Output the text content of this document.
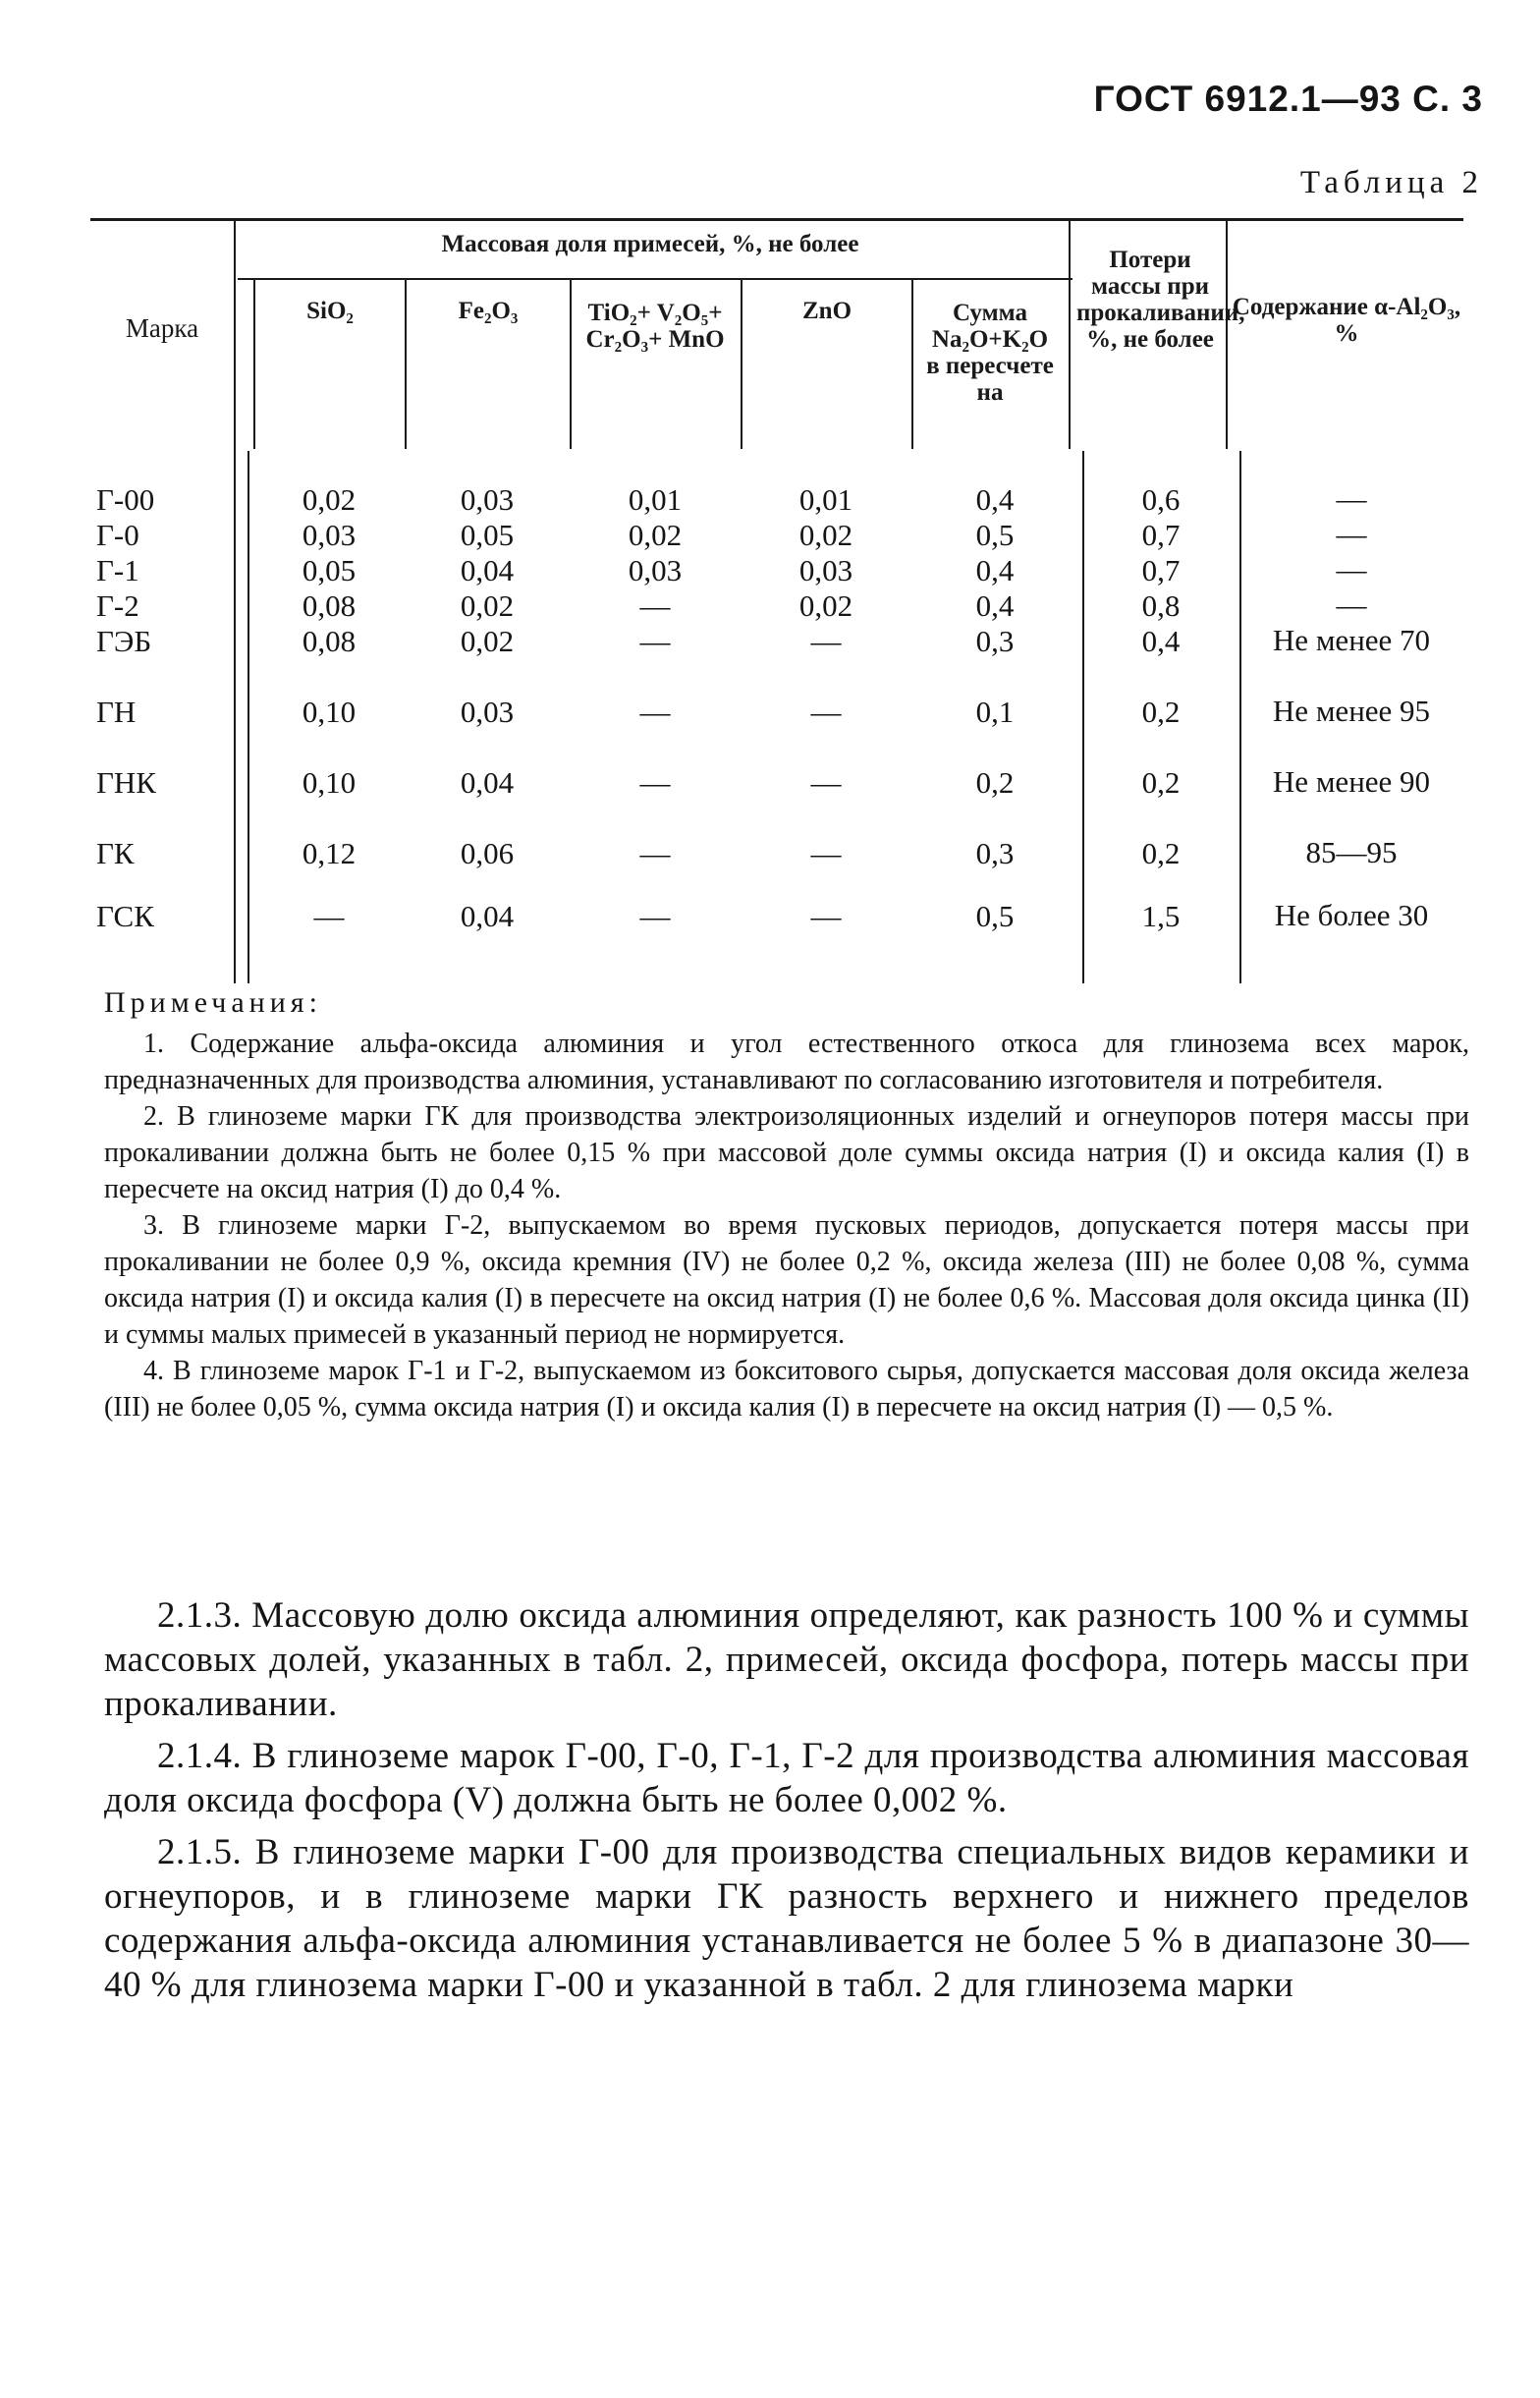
ГОСТ 6912.1—93 С. 3
Таблица 2
Марка
Массовая доля примесей, %, не более
SiO₂	Fe₂O₃	TiO₂+ V₂O₅+ Cr₂O₃+ MnO
ZnO	Сумма Na₂O+K₂O в пересчете на
Потери массы при прокаливании, %, не более
Содержание α-Al₂O₃, %
Г-00	0,02	0,03	0,01	0,01	0,4	0,6	—
Г-0	0,03	0,05	0,02	0,02	0,5	0,7	—
Г-1	0,05	0,04	0,03	0,03	0,4	0,7	—
Г-2	0,08	0,02	—	0,02	0,4	0,8	—
ГЭБ	0,08	0,02	—	—	0,3	0,4	Не менее 70
ГН	0,10	0,03	—	—	0,1	0,2	Не менее 95
ГНК	0,10	0,04	—	—	0,2	0,2	Не менее 90
ГК	0,12	0,06	—	—	0,3	0,2	85—95
ГСК	—	0,04	—	—	0,5	1,5	Не более 30
Примечания:
1. Содержание альфа-оксида алюминия и угол естественного откоса для глинозема всех марок, предназначенных для производства алюминия, устанавливают по согласованию изготовителя и потребителя.
2. В глиноземе марки ГК для производства электроизоляционных изделий и огнеупоров потеря массы при прокаливании должна быть не более 0,15 % при массовой доле суммы оксида натрия (I) и оксида калия (I) в пересчете на оксид натрия (I) до 0,4 %.
3. В глиноземе марки Г-2, выпускаемом во время пусковых периодов, допускается потеря массы при прокаливании не более 0,9 %, оксида кремния (IV) не более 0,2 %, оксида железа (III) не более 0,08 %, сумма оксида натрия (I) и оксида калия (I) в пересчете на оксид натрия (I) не более 0,6 %. Массовая доля оксида цинка (II) и суммы малых примесей в указанный период не нормируется.
4. В глиноземе марок Г-1 и Г-2, выпускаемом из бокситового сырья, допускается массовая доля оксида железа (III) не более 0,05 %, сумма оксида натрия (I) и оксида калия (I) в пересчете на оксид натрия (I) — 0,5 %.

2.1.3. Массовую долю оксида алюминия определяют, как разность 100 % и суммы массовых долей, указанных в табл. 2, примесей, оксида фосфора, потерь массы при прокаливании.

2.1.4. В глиноземе марок Г-00, Г-0, Г-1, Г-2 для производства алюминия массовая доля оксида фосфора (V) должна быть не более 0,002 %.

2.1.5. В глиноземе марки Г-00 для производства специальных видов керамики и огнеупоров, и в глиноземе марки ГК разность верхнего и нижнего пределов содержания альфа-оксида алюминия устанавливается не более 5 % в диапазоне 30—40 % для глинозема марки Г-00 и указанной в табл. 2 для глинозема марки
